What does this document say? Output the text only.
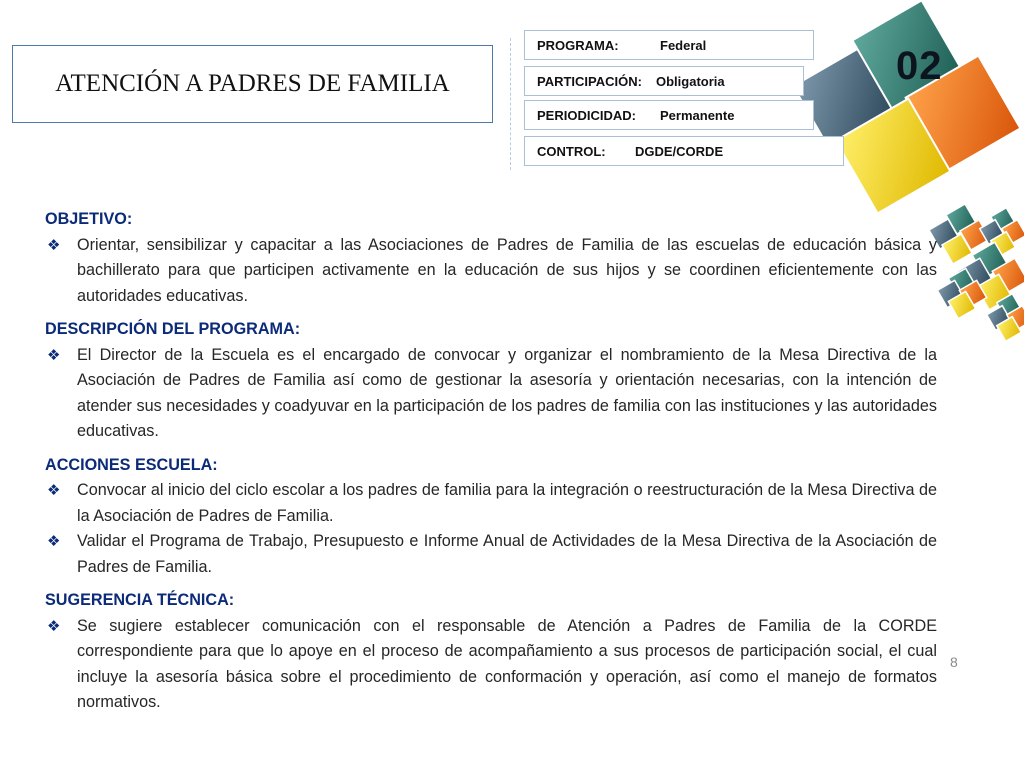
ATENCIÓN A PADRES DE FAMILIA
PROGRAMA:	Federal
PARTICIPACIÓN:	Obligatoria
PERIODICIDAD:	Permanente
CONTROL:	DGDE/CORDE
02

OBJETIVO:

❖ Orientar, sensibilizar y capacitar a las Asociaciones de Padres de Familia de las escuelas de educación básica y bachillerato para que participen activamente en la educación de sus hijos y se coordinen eficientemente con las autoridades educativas.

DESCRIPCIÓN DEL PROGRAMA:

❖ El Director de la Escuela es el encargado de convocar y organizar el nombramiento de la Mesa Directiva de la Asociación de Padres de Familia así como de gestionar la asesoría y orientación necesarias, con la intención de atender sus necesidades y coadyuvar en la participación de los padres de familia con las instituciones y las autoridades educativas.

ACCIONES ESCUELA:

❖ Convocar al inicio del ciclo escolar a los padres de familia para la integración o reestructuración de la Mesa Directiva de la Asociación de Padres de Familia.
❖ Validar el Programa de Trabajo, Presupuesto e Informe Anual de Actividades de la Mesa Directiva de la Asociación de Padres de Familia.

SUGERENCIA TÉCNICA:

❖ Se sugiere establecer comunicación con el responsable de Atención a Padres de Familia de la CORDE correspondiente para que lo apoye en el proceso de acompañamiento a sus procesos de participación social, el cual incluye la asesoría básica sobre el procedimiento de conformación y operación, así como el manejo de formatos normativos.
8
